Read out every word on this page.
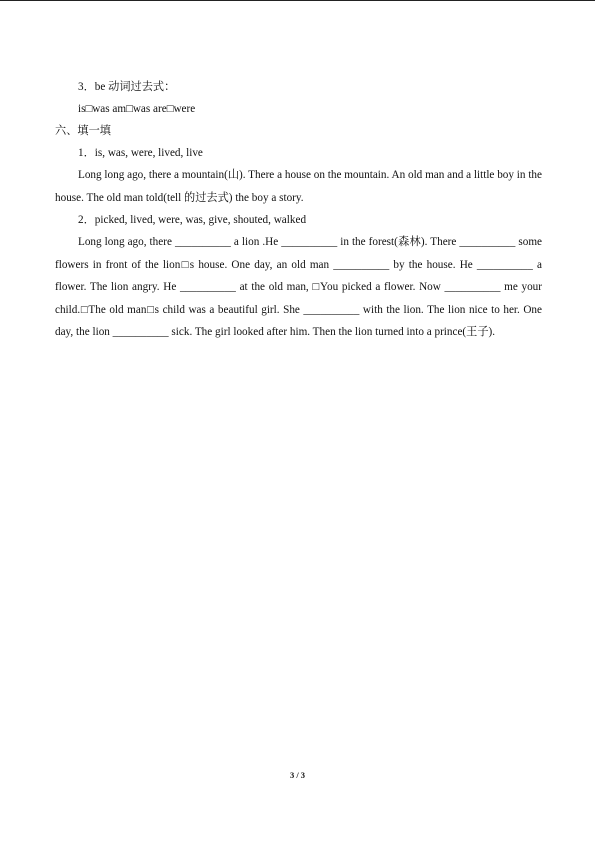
3．be 动词过去式：
is□was am□was are□were
六、填一填
1．is, was, were, lived, live

Long long ago, there a mountain(山). There a house on the mountain. An old man and a little boy in the house. The old man told(tell 的过去式) the boy a story.

2．picked, lived, were, was, give, shouted, walked

Long long ago, there __________ a lion .He __________ in the forest(森林). There __________ some flowers in front of the lion□s house. One day, an old man __________ by the house. He __________ a flower. The lion angry. He __________ at the old man, □You picked a flower. Now __________ me your child.□The old man□s child was a beautiful girl. She __________ with the lion. The lion nice to her. One day, the lion __________ sick. The girl looked after him. Then the lion turned into a prince(王子).

3 / 3
